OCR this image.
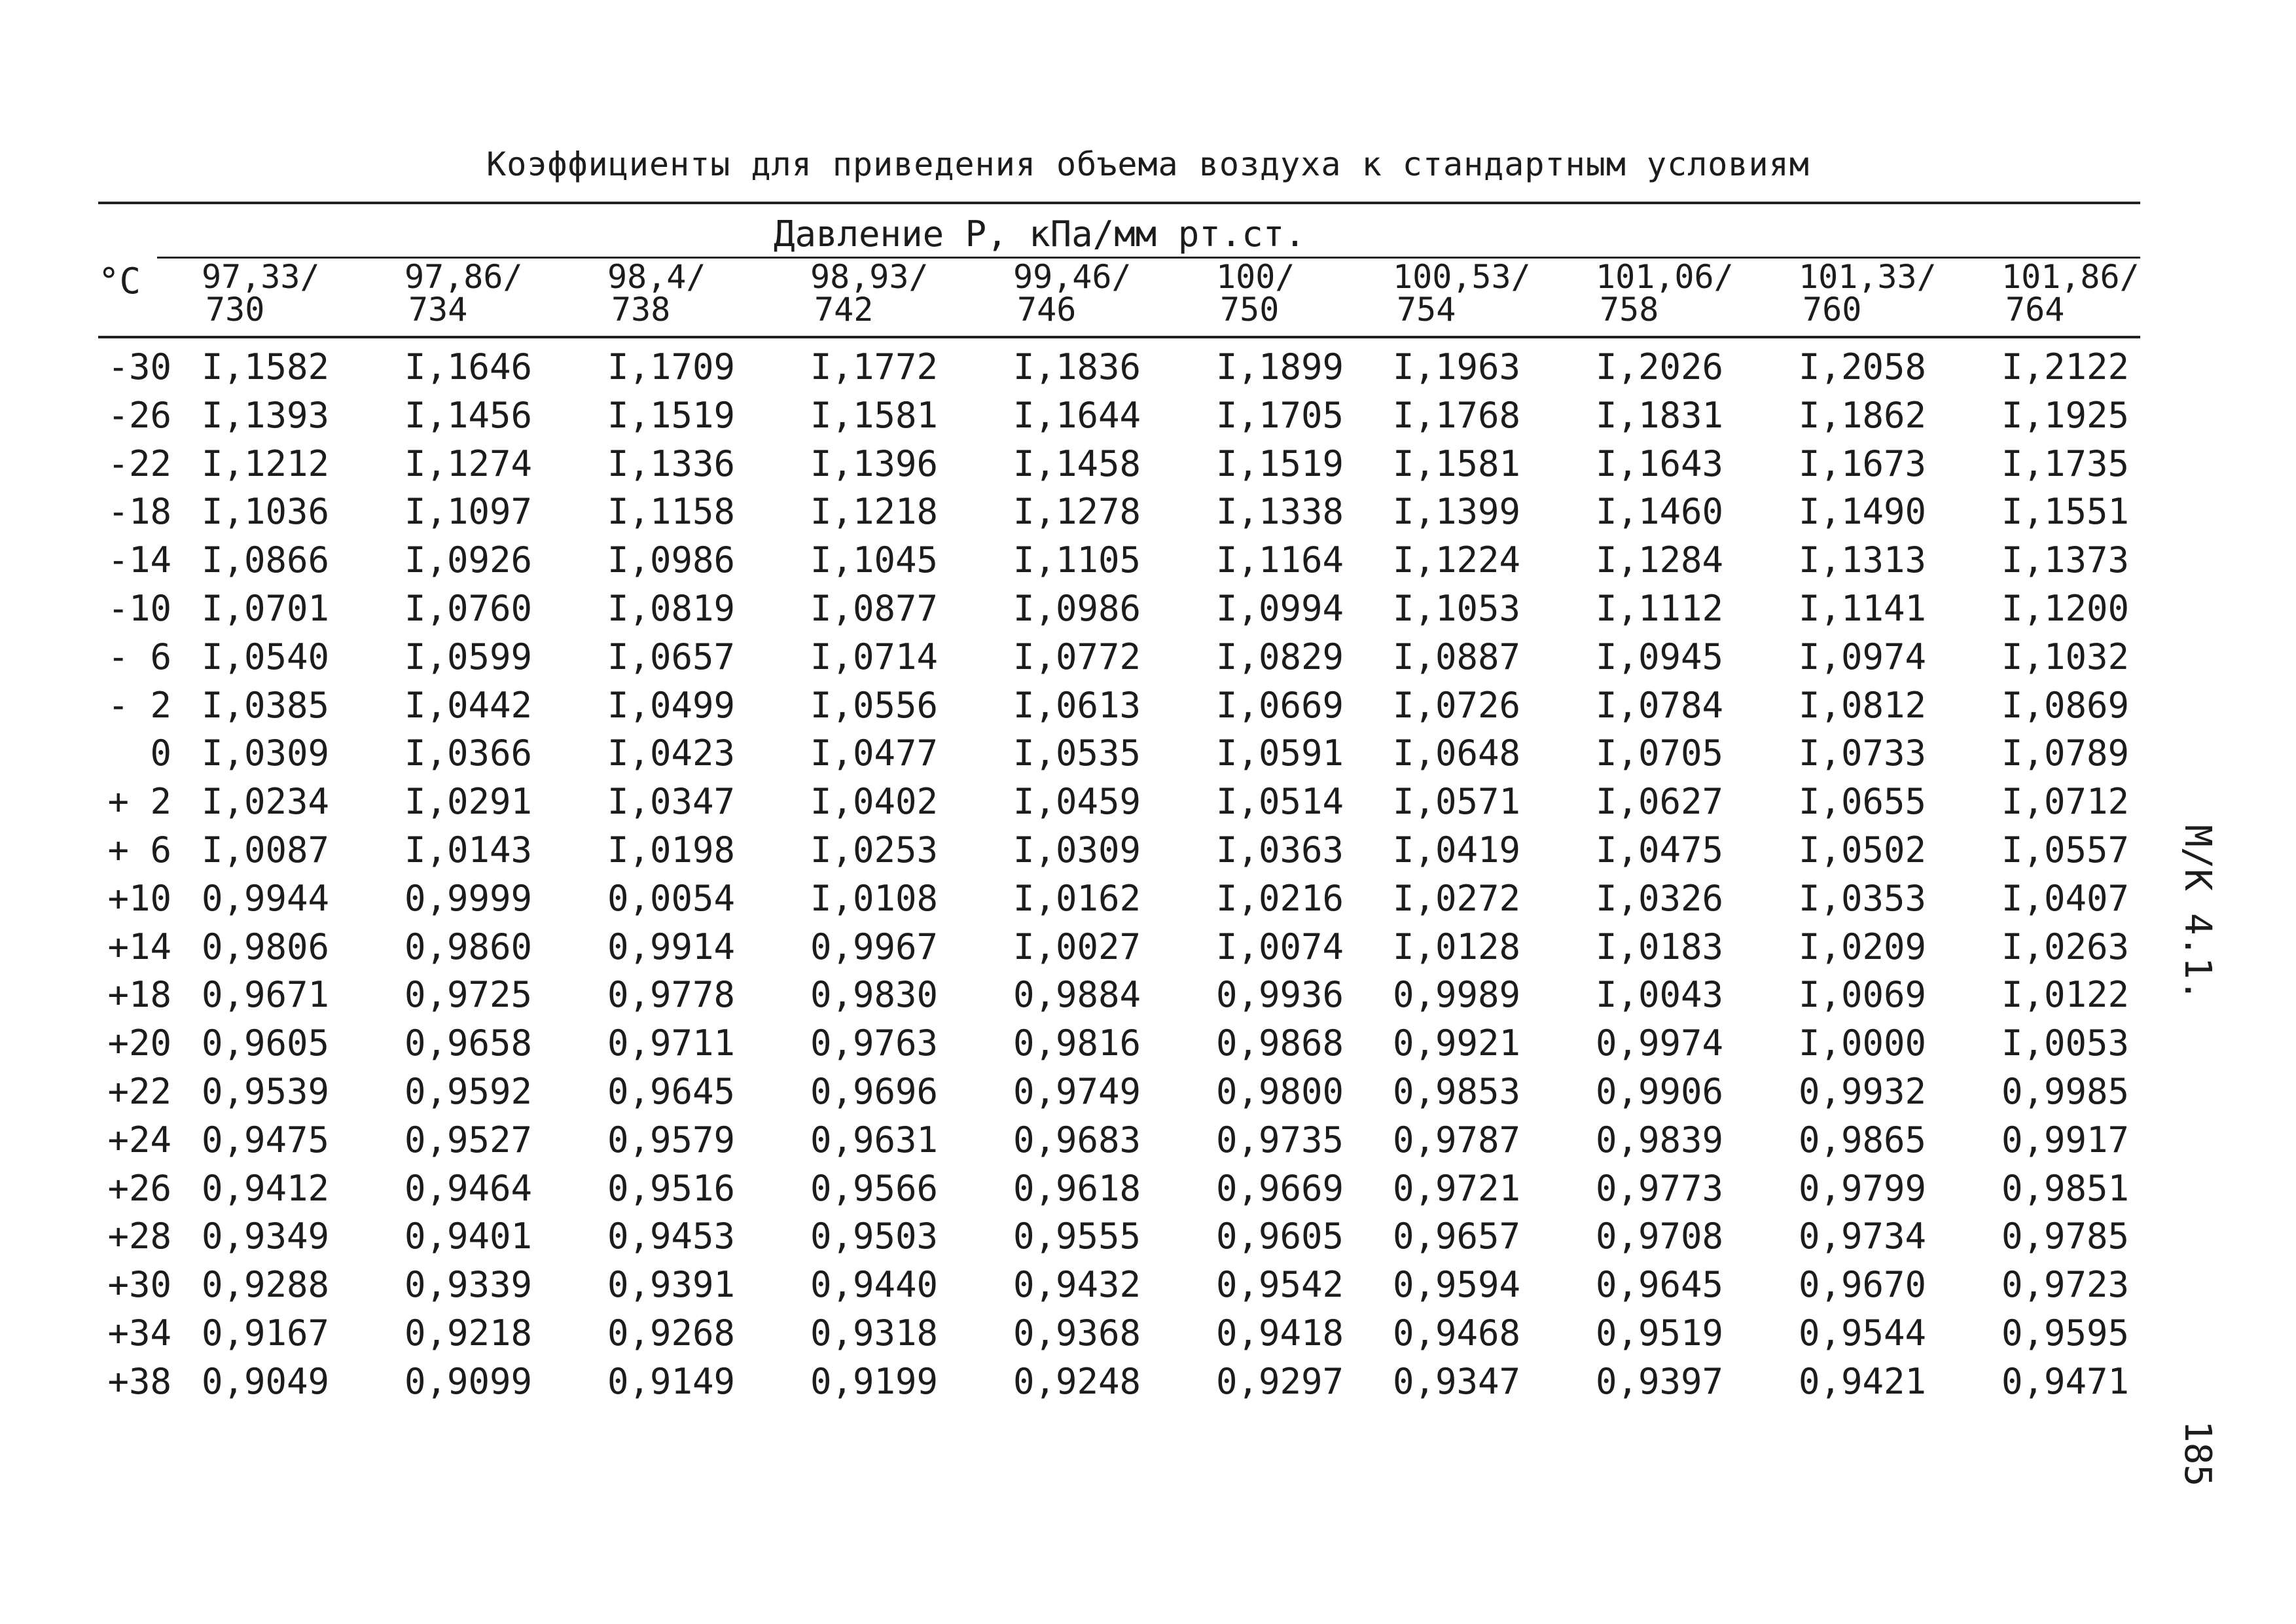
Коэффициенты для приведения объема воздуха к стандартным условиям
Давление Р, кПа/мм рт.ст.
°С 97,33/
730
97,86/
734
98,4/
738
98,93/
742
99,46/
746
100/
750
100,53/
754
101,06/
758
101,33/
760
101,86/
764
-30 I,1582 I,1646 I,1709 I,1772 I,1836 I,1899 I,1963 I,2026 I,2058 I,2122
-26 I,1393 I,1456 I,1519 I,1581 I,1644 I,1705 I,1768 I,1831 I,1862 I,1925
-22 I,1212 I,1274 I,1336 I,1396 I,1458 I,1519 I,1581 I,1643 I,1673 I,1735
-18 I,1036 I,1097 I,1158 I,1218 I,1278 I,1338 I,1399 I,1460 I,1490 I,1551
-14 I,0866 I,0926 I,0986 I,1045 I,1105 I,1164 I,1224 I,1284 I,1313 I,1373
-10 I,0701 I,0760 I,0819 I,0877 I,0986 I,0994 I,1053 I,1112 I,1141 I,1200
- 6 I,0540 I,0599 I,0657 I,0714 I,0772 I,0829 I,0887 I,0945 I,0974 I,1032
- 2 I,0385 I,0442 I,0499 I,0556 I,0613 I,0669 I,0726 I,0784 I,0812 I,0869
0 I,0309 I,0366 I,0423 I,0477 I,0535 I,0591 I,0648 I,0705 I,0733 I,0789
+ 2 I,0234 I,0291 I,0347 I,0402 I,0459 I,0514 I,0571 I,0627 I,0655 I,0712
+ 6 I,0087 I,0143 I,0198 I,0253 I,0309 I,0363 I,0419 I,0475 I,0502 I,0557
+10 0,9944 0,9999 0,0054 I,0108 I,0162 I,0216 I,0272 I,0326 I,0353 I,0407
+14 0,9806 0,9860 0,9914 0,9967 I,0027 I,0074 I,0128 I,0183 I,0209 I,0263
+18 0,9671 0,9725 0,9778 0,9830 0,9884 0,9936 0,9989 I,0043 I,0069 I,0122
+20 0,9605 0,9658 0,9711 0,9763 0,9816 0,9868 0,9921 0,9974 I,0000 I,0053
+22 0,9539 0,9592 0,9645 0,9696 0,9749 0,9800 0,9853 0,9906 0,9932 0,9985
+24 0,9475 0,9527 0,9579 0,9631 0,9683 0,9735 0,9787 0,9839 0,9865 0,9917
+26 0,9412 0,9464 0,9516 0,9566 0,9618 0,9669 0,9721 0,9773 0,9799 0,9851
+28 0,9349 0,9401 0,9453 0,9503 0,9555 0,9605 0,9657 0,9708 0,9734 0,9785
+30 0,9288 0,9339 0,9391 0,9440 0,9432 0,9542 0,9594 0,9645 0,9670 0,9723
+34 0,9167 0,9218 0,9268 0,9318 0,9368 0,9418 0,9468 0,9519 0,9544 0,9595
+38 0,9049 0,9099 0,9149 0,9199 0,9248 0,9297 0,9347 0,9397 0,9421 0,9471
М/К 4.1.
185
